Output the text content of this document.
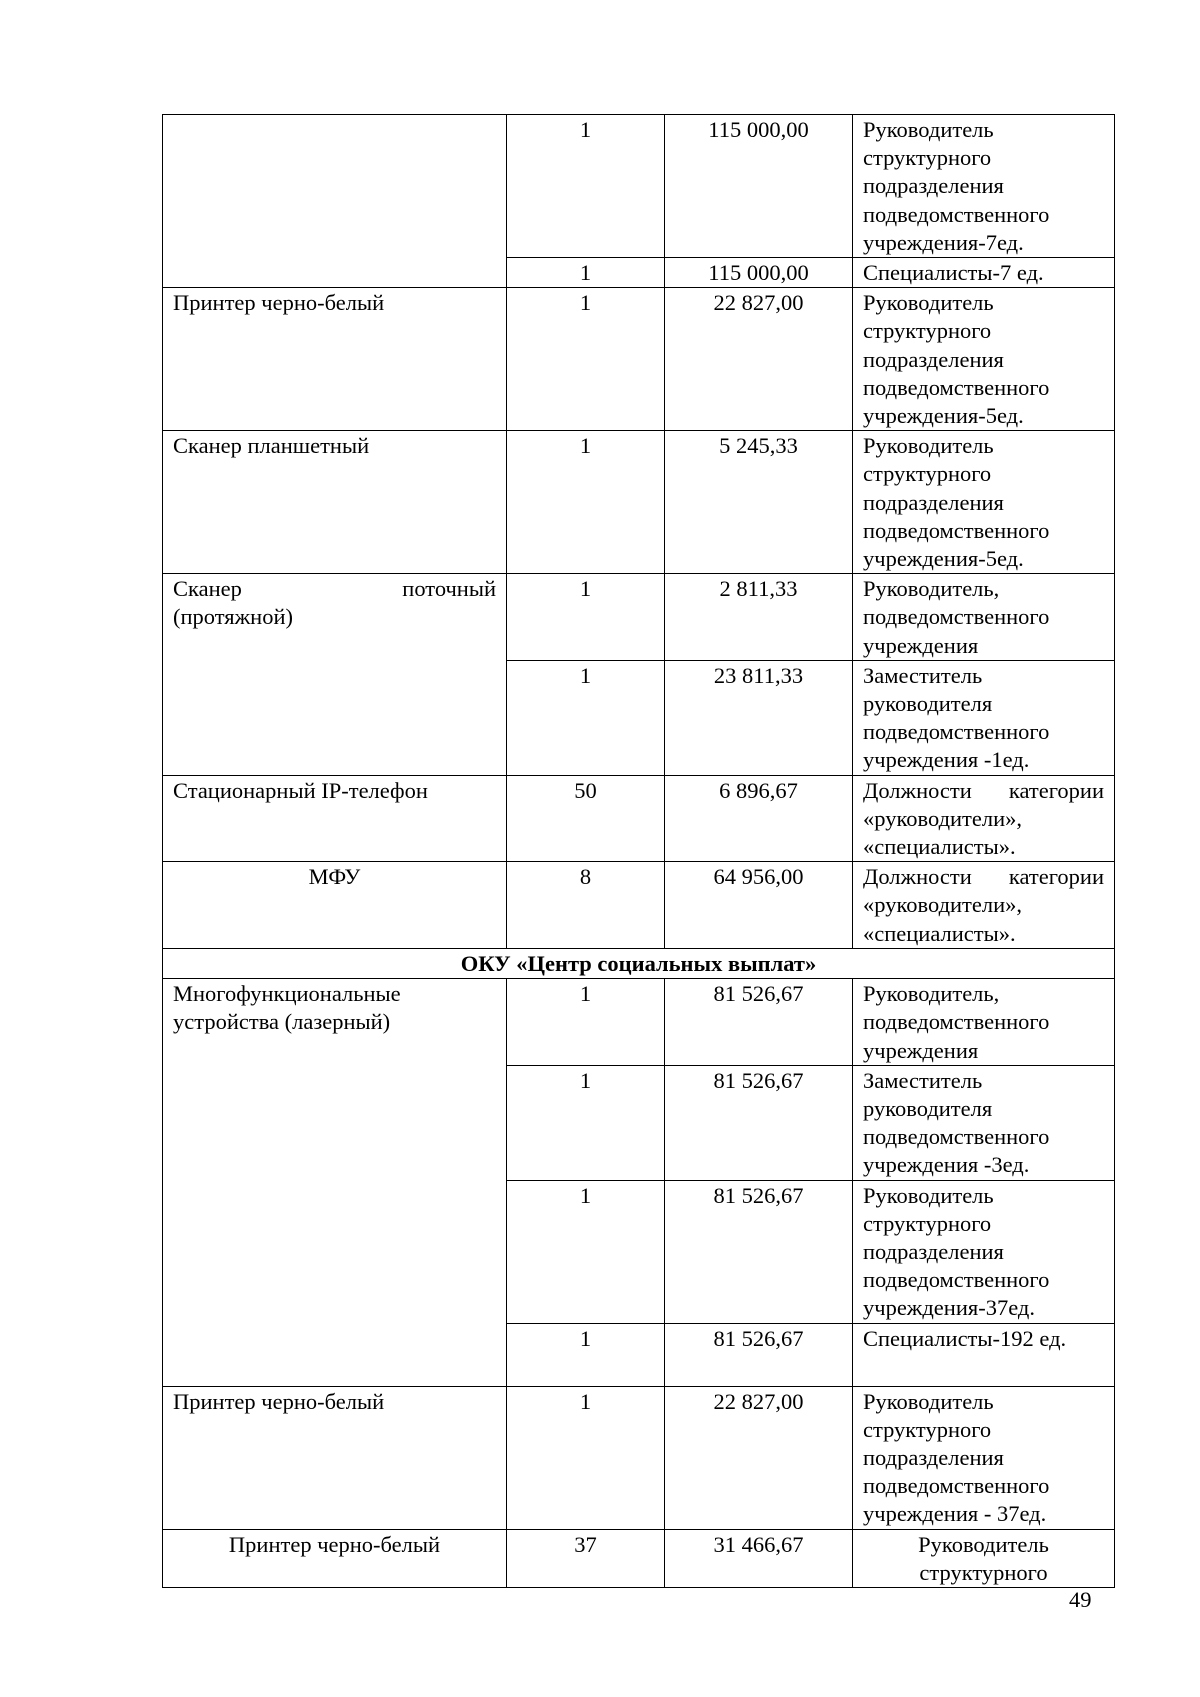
	1	115 000,00	Руководитель
структурного
подразделения
подведомственного
учреждения-7ед.

	1	115 000,00	Специалисты-7 ед.

Принтер черно-белый	1	22 827,00	Руководитель
структурного
подразделения
подведомственного
учреждения-5ед.

Сканер планшетный	1	5 245,33	Руководитель
структурного
подразделения
подведомственного
учреждения-5ед.

Сканер поточный
(протяжной)	1	2 811,33	Руководитель,
подведомственного
учреждения

	1	23 811,33	Заместитель
руководителя
подведомственного
учреждения -1ед.

Стационарный IP-телефон	50	6 896,67	Должности категории
«руководители»,
«специалисты».

МФУ	8	64 956,00	Должности категории
«руководители»,
«специалисты».

ОКУ «Центр социальных выплат»			

Многофункциональные
устройства (лазерный)	1	81 526,67	Руководитель,
подведомственного
учреждения

	1	81 526,67	Заместитель
руководителя
подведомственного
учреждения -3ед.

	1	81 526,67	Руководитель
структурного
подразделения
подведомственного
учреждения-37ед.

	1	81 526,67	Специалисты-192 ед.

Принтер черно-белый	1	22 827,00	Руководитель
структурного
подразделения
подведомственного
учреждения - 37ед.

Принтер черно-белый	37	31 466,67	Руководитель
структурного
49
